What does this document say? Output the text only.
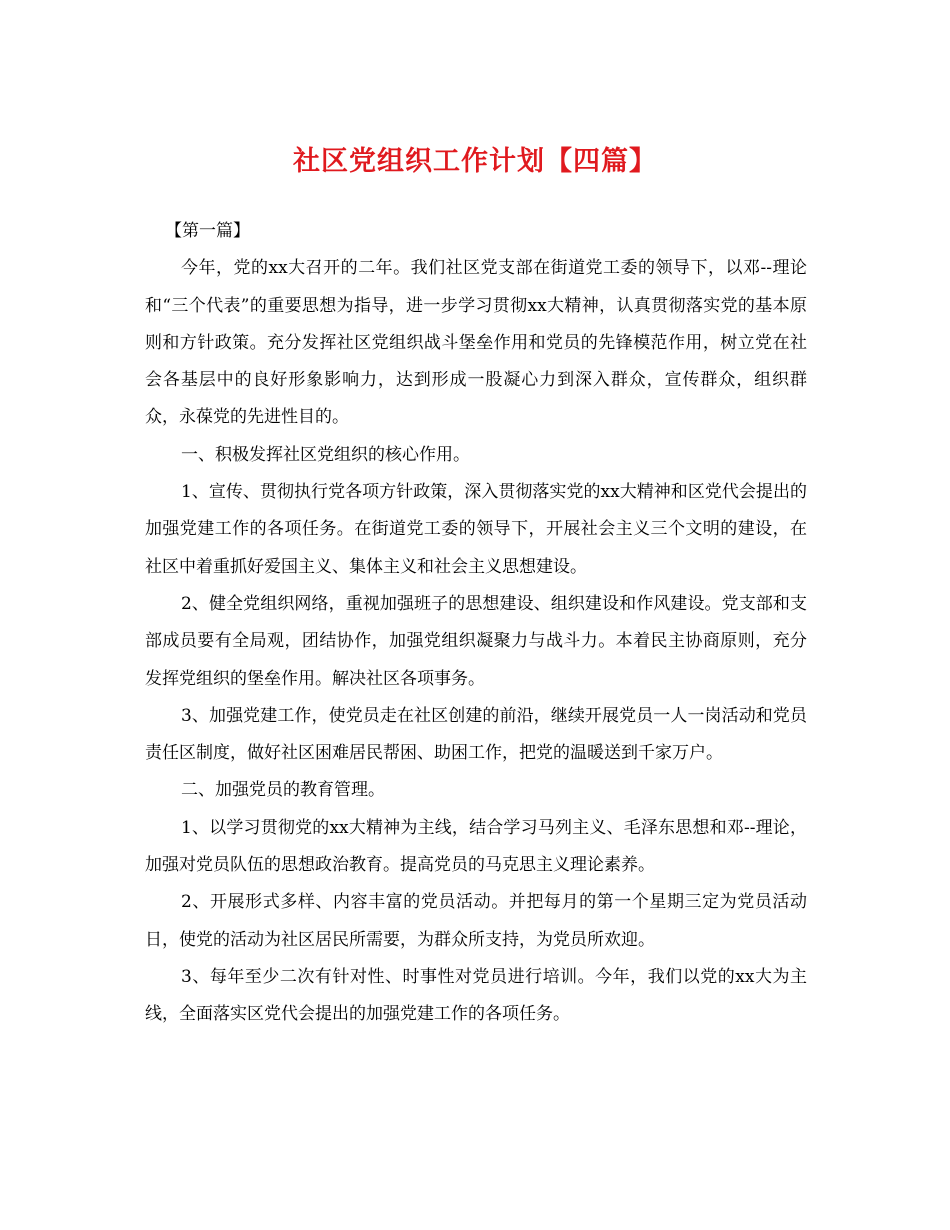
社区党组织工作计划【四篇】

【第一篇】

今年，党的xx大召开的二年。我们社区党支部在街道党工委的领导下，以邓--理论和“三个代表”的重要思想为指导，进一步学习贯彻xx大精神，认真贯彻落实党的基本原则和方针政策。充分发挥社区党组织战斗堡垒作用和党员的先锋模范作用，树立党在社会各基层中的良好形象影响力，达到形成一股凝心力到深入群众，宣传群众，组织群众，永葆党的先进性目的。

一、积极发挥社区党组织的核心作用。

1、宣传、贯彻执行党各项方针政策，深入贯彻落实党的xx大精神和区党代会提出的加强党建工作的各项任务。在街道党工委的领导下，开展社会主义三个文明的建设，在社区中着重抓好爱国主义、集体主义和社会主义思想建设。

2、健全党组织网络，重视加强班子的思想建设、组织建设和作风建设。党支部和支部成员要有全局观，团结协作，加强党组织凝聚力与战斗力。本着民主协商原则，充分发挥党组织的堡垒作用。解决社区各项事务。

3、加强党建工作，使党员走在社区创建的前沿，继续开展党员一人一岗活动和党员责任区制度，做好社区困难居民帮困、助困工作，把党的温暖送到千家万户。

二、加强党员的教育管理。

1、以学习贯彻党的xx大精神为主线，结合学习马列主义、毛泽东思想和邓--理论，加强对党员队伍的思想政治教育。提高党员的马克思主义理论素养。

2、开展形式多样、内容丰富的党员活动。并把每月的第一个星期三定为党员活动日，使党的活动为社区居民所需要，为群众所支持，为党员所欢迎。

3、每年至少二次有针对性、时事性对党员进行培训。今年，我们以党的xx大为主线，全面落实区党代会提出的加强党建工作的各项任务。
